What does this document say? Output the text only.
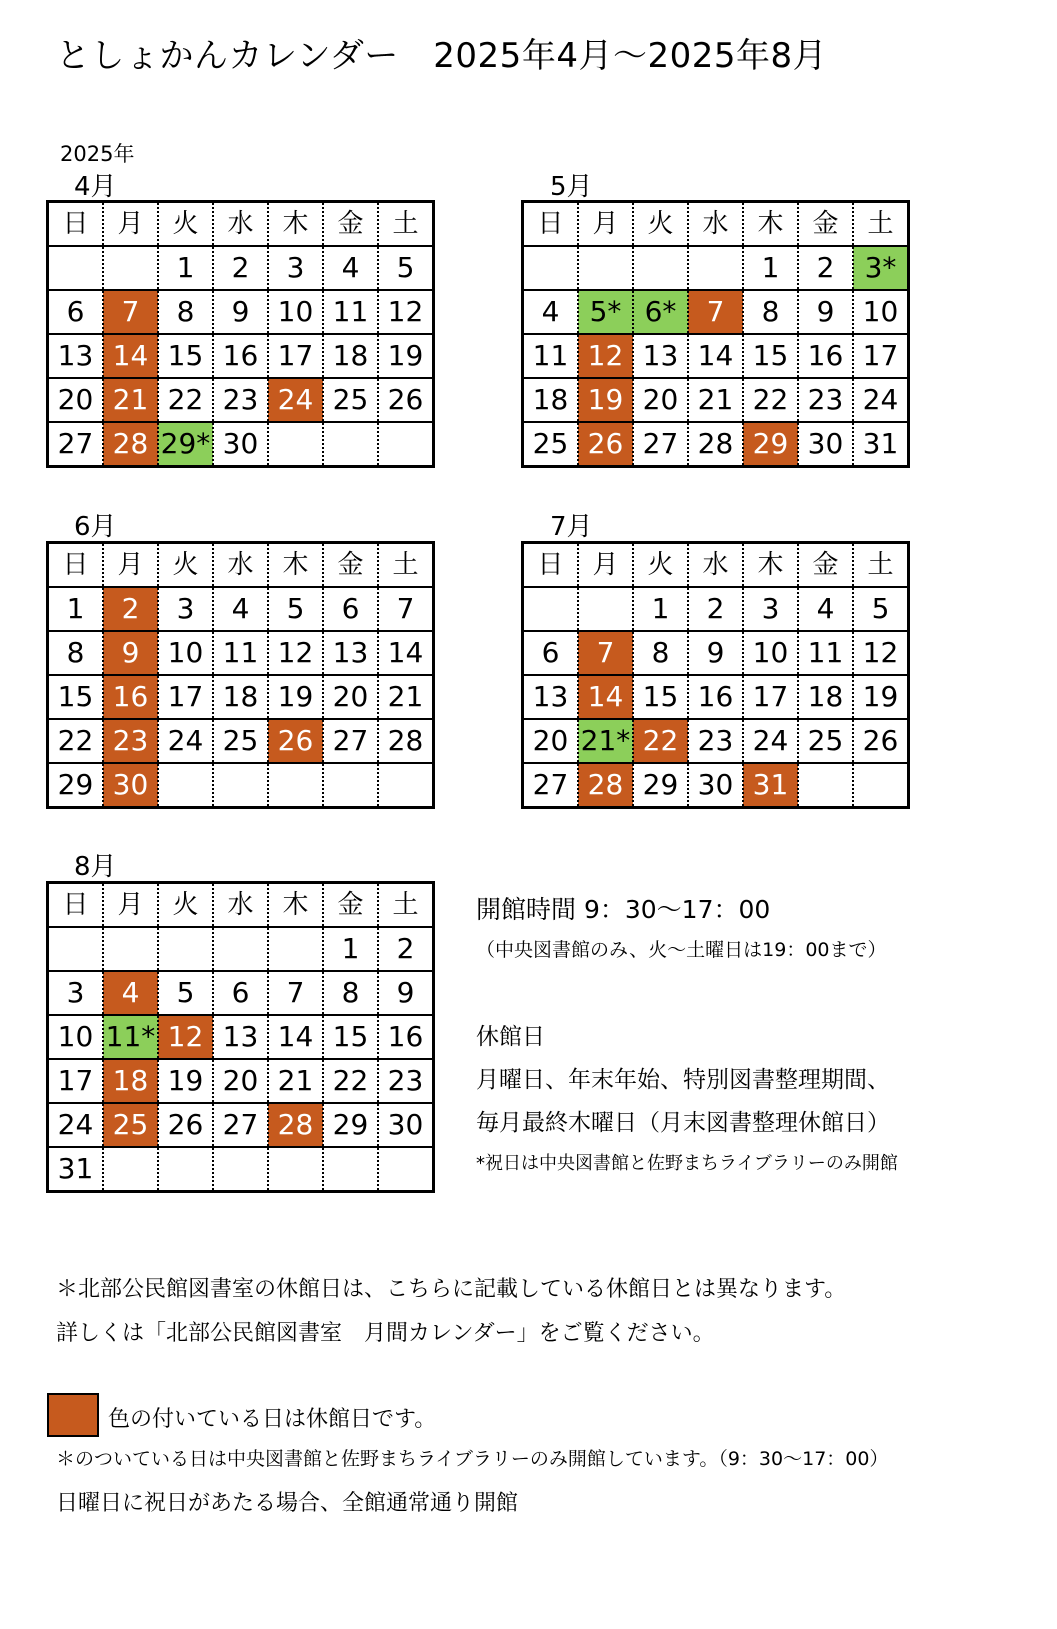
としょかんカレンダー　2025年4月〜2025年8月
2025年
4月
日	月	火	水	木	金	土
		1	2	3	4	5
6	7	8	9	10	11	12
13	14	15	16	17	18	19
20	21	22	23	24	25	26
27	28	29*	30			
5月
日	月	火	水	木	金	土
				1	2	3*
4	5*	6*	7	8	9	10
11	12	13	14	15	16	17
18	19	20	21	22	23	24
25	26	27	28	29	30	31
6月
日	月	火	水	木	金	土
1	2	3	4	5	6	7
8	9	10	11	12	13	14
15	16	17	18	19	20	21
22	23	24	25	26	27	28
29	30					
7月
日	月	火	水	木	金	土
		1	2	3	4	5
6	7	8	9	10	11	12
13	14	15	16	17	18	19
20	21*	22	23	24	25	26
27	28	29	30	31		
8月
日	月	火	水	木	金	土
					1	2
3	4	5	6	7	8	9
10	11*	12	13	14	15	16
17	18	19	20	21	22	23
24	25	26	27	28	29	30
31						
開館時間 9：30〜17：00
（中央図書館のみ、火〜土曜日は19：00まで）
休館日
月曜日、年末年始、特別図書整理期間、
毎月最終木曜日（月末図書整理休館日）
*祝日は中央図書館と佐野まちライブラリーのみ開館
＊北部公民館図書室の休館日は、こちらに記載している休館日とは異なります。
詳しくは「北部公民館図書室　月間カレンダー」をご覧ください。
色の付いている日は休館日です。
＊のついている日は中央図書館と佐野まちライブラリーのみ開館しています。（9：30〜17：00）
日曜日に祝日があたる場合、全館通常通り開館
